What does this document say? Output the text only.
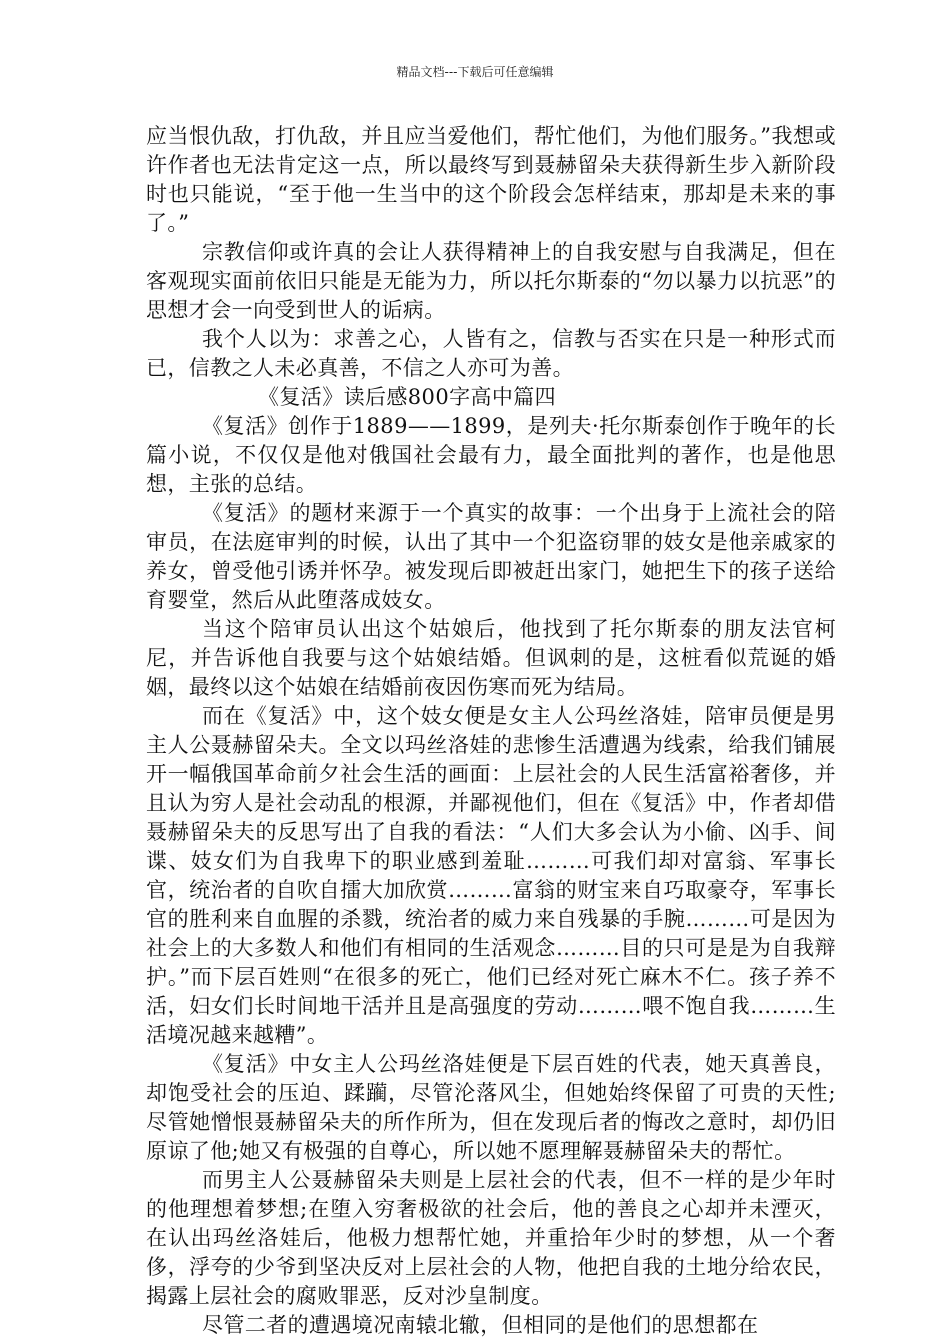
精品文档---下载后可任意编辑

应当恨仇敌，打仇敌，并且应当爱他们，帮忙他们，为他们服务。”我想或许作者也无法肯定这一点，所以最终写到聂赫留朵夫获得新生步入新阶段时也只能说，“至于他一生当中的这个阶段会怎样结束，那却是未来的事了。”

宗教信仰或许真的会让人获得精神上的自我安慰与自我满足，但在客观现实面前依旧只能是无能为力，所以托尔斯泰的“勿以暴力以抗恶”的思想才会一向受到世人的诟病。

我个人以为：求善之心，人皆有之，信教与否实在只是一种形式而已，信教之人未必真善，不信之人亦可为善。

《复活》读后感800字高中篇四

《复活》创作于1889——1899，是列夫·托尔斯泰创作于晚年的长篇小说，不仅仅是他对俄国社会最有力，最全面批判的著作，也是他思想，主张的总结。

《复活》的题材来源于一个真实的故事：一个出身于上流社会的陪审员，在法庭审判的时候，认出了其中一个犯盗窃罪的妓女是他亲戚家的养女，曾受他引诱并怀孕。被发现后即被赶出家门，她把生下的孩子送给育婴堂，然后从此堕落成妓女。

当这个陪审员认出这个姑娘后，他找到了托尔斯泰的朋友法官柯尼，并告诉他自我要与这个姑娘结婚。但讽刺的是，这桩看似荒诞的婚姻，最终以这个姑娘在结婚前夜因伤寒而死为结局。

而在《复活》中，这个妓女便是女主人公玛丝洛娃，陪审员便是男主人公聂赫留朵夫。全文以玛丝洛娃的悲惨生活遭遇为线索，给我们铺展开一幅俄国革命前夕社会生活的画面：上层社会的人民生活富裕奢侈，并且认为穷人是社会动乱的根源，并鄙视他们，但在《复活》中，作者却借聂赫留朵夫的反思写出了自我的看法：“人们大多会认为小偷、凶手、间谍、妓女们为自我卑下的职业感到羞耻………可我们却对富翁、军事长官，统治者的自吹自擂大加欣赏………富翁的财宝来自巧取豪夺，军事长官的胜利来自血腥的杀戮，统治者的威力来自残暴的手腕………可是因为社会上的大多数人和他们有相同的生活观念………目的只可是是为自我辩护。”而下层百姓则“在很多的死亡，他们已经对死亡麻木不仁。孩子养不活，妇女们长时间地干活并且是高强度的劳动………喂不饱自我………生活境况越来越糟”。

《复活》中女主人公玛丝洛娃便是下层百姓的代表，她天真善良，却饱受社会的压迫、蹂躏，尽管沦落风尘，但她始终保留了可贵的天性;尽管她憎恨聂赫留朵夫的所作所为，但在发现后者的悔改之意时，却仍旧原谅了他;她又有极强的自尊心，所以她不愿理解聂赫留朵夫的帮忙。

而男主人公聂赫留朵夫则是上层社会的代表，但不一样的是少年时的他理想着梦想;在堕入穷奢极欲的社会后，他的善良之心却并未湮灭，在认出玛丝洛娃后，他极力想帮忙她，并重拾年少时的梦想，从一个奢侈，浮夸的少爷到坚决反对上层社会的人物，他把自我的土地分给农民，揭露上层社会的腐败罪恶，反对沙皇制度。

尽管二者的遭遇境况南辕北辙，但相同的是他们的思想都在
